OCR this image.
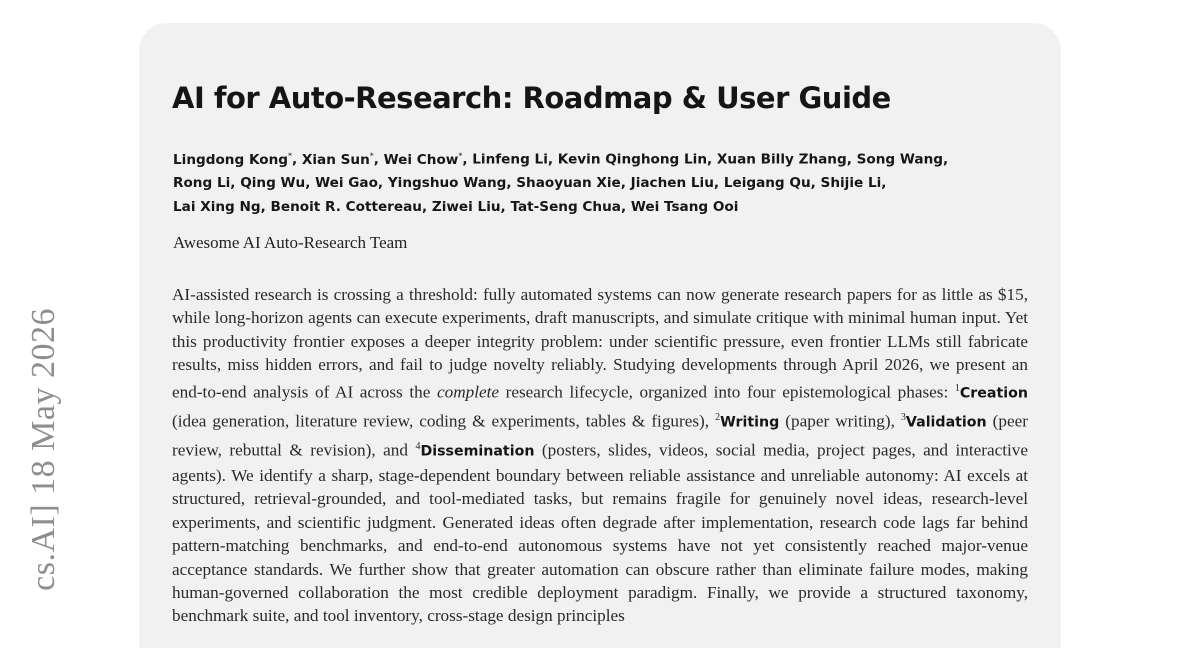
cs.AI] 18 May 2026
AI for Auto-Research: Roadmap & User Guide
Lingdong Kong*, Xian Sun*, Wei Chow*, Linfeng Li, Kevin Qinghong Lin, Xuan Billy Zhang, Song Wang,
Rong Li, Qing Wu, Wei Gao, Yingshuo Wang, Shaoyuan Xie, Jiachen Liu, Leigang Qu, Shijie Li,
Lai Xing Ng, Benoit R. Cottereau, Ziwei Liu, Tat-Seng Chua, Wei Tsang Ooi
Awesome AI Auto-Research Team

AI-assisted research is crossing a threshold: fully automated systems can now generate research papers for as little as $15, while long-horizon agents can execute experiments, draft manuscripts, and simulate critique with minimal human input. Yet this productivity frontier exposes a deeper integrity problem: under scientific pressure, even frontier LLMs still fabricate results, miss hidden errors, and fail to judge novelty reliably. Studying developments through April 2026, we present an end-to-end analysis of AI across the complete research lifecycle, organized into four epistemological phases: $^1$Creation (idea generation, literature review, coding & experiments, tables & figures), $^2$Writing (paper writing), $^3$Validation (peer review, rebuttal & revision), and $^4$Dissemination (posters, slides, videos, social media, project pages, and interactive agents). We identify a sharp, stage-dependent boundary between reliable assistance and unreliable autonomy: AI excels at structured, retrieval-grounded, and tool-mediated tasks, but remains fragile for genuinely novel ideas, research-level experiments, and scientific judgment. Generated ideas often degrade after implementation, research code lags far behind pattern-matching benchmarks, and end-to-end autonomous systems have not yet consistently reached major-venue acceptance standards. We further show that greater automation can obscure rather than eliminate failure modes, making human-governed collaboration the most credible deployment paradigm. Finally, we provide a structured taxonomy, benchmark suite, and tool inventory, cross-stage design principles
